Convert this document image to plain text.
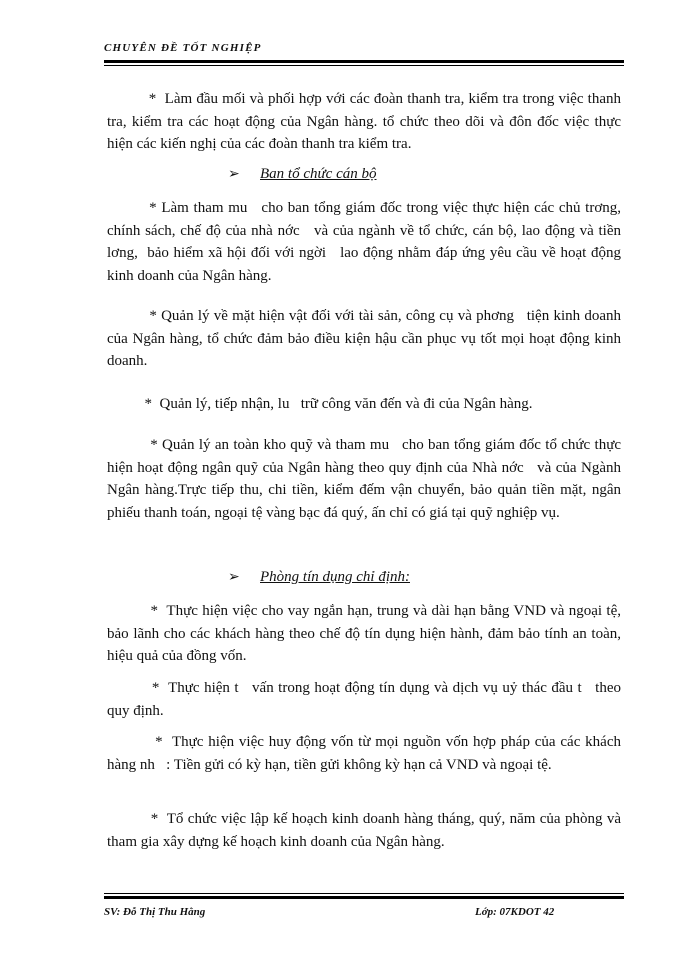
CHUYÊN ĐỀ TỐT NGHIỆP
*  Làm đầu mối và phối hợp với các đoàn thanh tra, kiểm tra trong việc thanh tra, kiểm tra các hoạt động của Ngân hàng. tổ chức theo dõi và đôn đốc việc thực hiện các kiến nghị của các đoàn thanh tra kiểm tra.
➢ Ban tổ chức cán bộ
* Làm tham mu   cho ban tổng giám đốc trong việc thực hiện các chủ trơng,  chính sách, chế độ của nhà nớc   và của ngành về tổ chức, cán bộ, lao động và tiền lơng,  bảo hiểm xã hội đối với ngời   lao động nhằm đáp ứng yêu cầu về hoạt động kinh doanh của Ngân hàng.
* Quản lý về mặt hiện vật đối với tài sản, công cụ và phơng   tiện kinh doanh của Ngân hàng, tổ chức đảm bảo điều kiện hậu cần phục vụ tốt mọi hoạt động kinh doanh.
*  Quản lý, tiếp nhận, lu   trữ công văn đến và đi của Ngân hàng.
* Quản lý an toàn kho quỹ và tham mu   cho ban tổng giám đốc tổ chức thực hiện hoạt động ngân quỹ của Ngân hàng theo quy định của Nhà nớc   và của Ngành Ngân hàng.Trực tiếp thu, chi tiền, kiểm đếm vận chuyển, bảo quản tiền mặt, ngân phiếu thanh toán, ngoại tệ vàng bạc đá quý, ấn chỉ có giá tại quỹ nghiệp vụ.
➢ Phòng tín dụng chỉ định:
*  Thực hiện việc cho vay ngắn hạn, trung và dài hạn bằng VND và ngoại tệ, bảo lãnh cho các khách hàng theo chế độ tín dụng hiện hành, đảm bảo tính an toàn, hiệu quả của đồng vốn.
*  Thực hiện t   vấn trong hoạt động tín dụng và dịch vụ uỷ thác đầu t   theo quy định.
*  Thực hiện việc huy động vốn từ mọi nguồn vốn hợp pháp của các khách hàng nh   : Tiền gửi có kỳ hạn, tiền gửi không kỳ hạn cả VND và ngoại tệ.
*  Tổ chức việc lập kế hoạch kinh doanh hàng tháng, quý, năm của phòng và tham gia xây dựng kế hoạch kinh doanh của Ngân hàng.
SV: Đỗ Thị Thu Hằng	Lớp: 07KDOT 42
